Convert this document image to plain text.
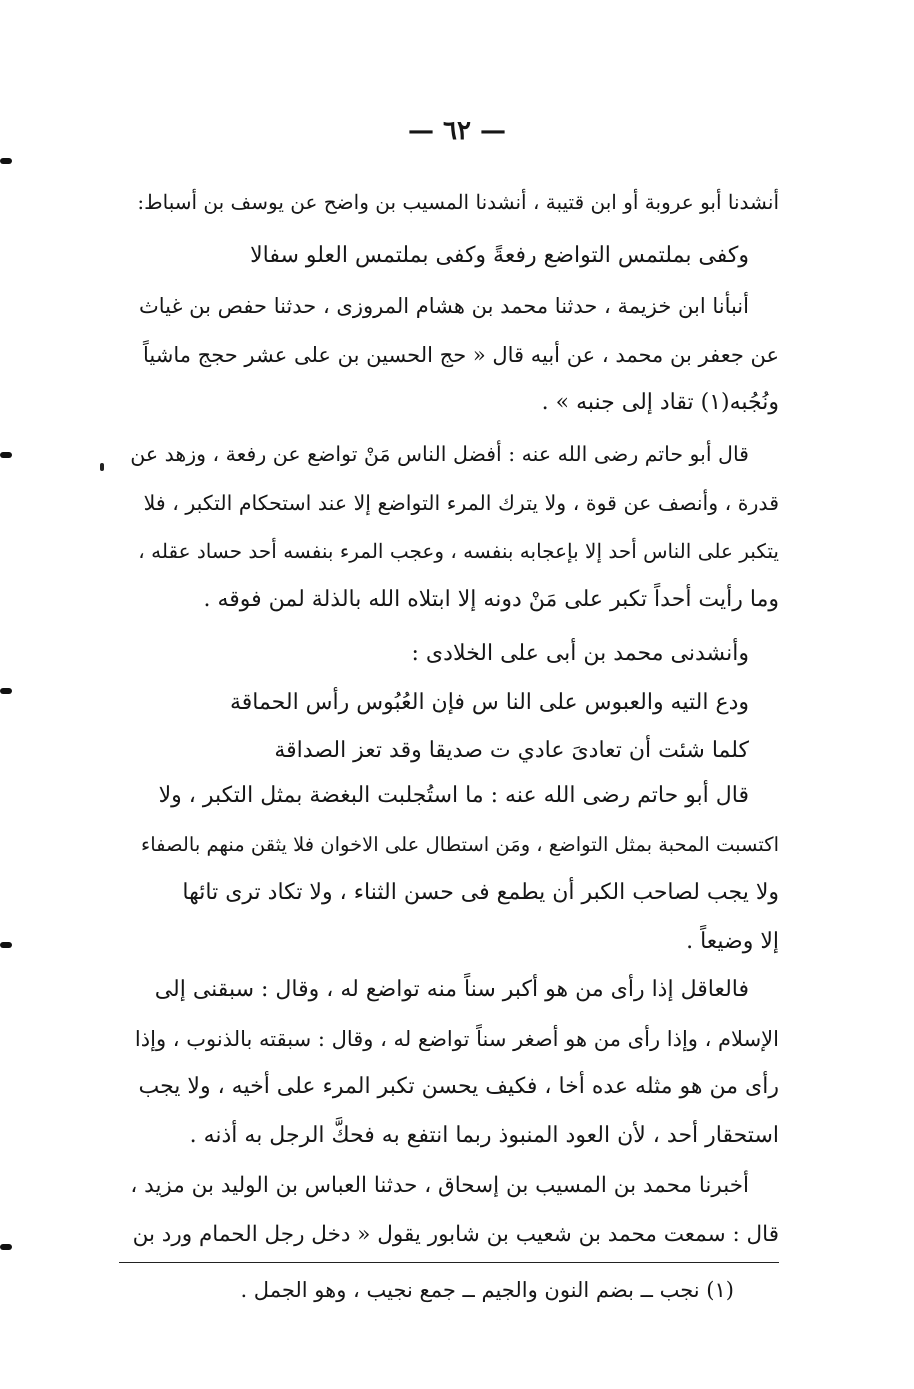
— ٦٢ —
أنشدنا أبو عروبة أو ابن قتيبة ، أنشدنا المسيب بن واضح عن يوسف بن أسباط:
وكفى بملتمس التواضع رفعةً وكفى بملتمس العلو سفالا
أنبأنا ابن خزيمة ، حدثنا محمد بن هشام المروزى ، حدثنا حفص بن غياث
عن جعفر بن محمد ، عن أبيه قال « حج الحسين بن على عشر حجج ماشياً
ونُجُبه(١) تقاد إلى جنبه » .
قال أبو حاتم رضى الله عنه : أفضل الناس مَنْ تواضع عن رفعة ، وزهد عن
قدرة ، وأنصف عن قوة ، ولا يترك المرء التواضع إلا عند استحكام التكبر ، فلا
يتكبر على الناس أحد إلا بإعجابه بنفسه ، وعجب المرء بنفسه أحد حساد عقله ،
وما رأيت أحداً تكبر على مَنْ دونه إلا ابتلاه الله بالذلة لمن فوقه .
وأنشدنى محمد بن أبى على الخلادى :
ودع التيه والعبوس على النا س فإن العُبُوس رأس الحماقة
كلما شئت أن تعادىَ عادي ت صديقا وقد تعز الصداقة
قال أبو حاتم رضى الله عنه : ما استُجلبت البغضة بمثل التكبر ، ولا
اكتسبت المحبة بمثل التواضع ، ومَن استطال على الاخوان فلا يثقن منهم بالصفاء
ولا يجب لصاحب الكبر أن يطمع فى حسن الثناء ، ولا تكاد ترى تائها
إلا وضيعاً .
فالعاقل إذا رأى من هو أكبر سناً منه تواضع له ، وقال : سبقنى إلى
الإسلام ، وإذا رأى من هو أصغر سناً تواضع له ، وقال : سبقته بالذنوب ، وإذا
رأى من هو مثله عده أخا ، فكيف يحسن تكبر المرء على أخيه ، ولا يجب
استحقار أحد ، لأن العود المنبوذ ربما انتفع به فحكَّ الرجل به أذنه .
أخبرنا محمد بن المسيب بن إسحاق ، حدثنا العباس بن الوليد بن مزيد ،
قال : سمعت محمد بن شعيب بن شابور يقول « دخل رجل الحمام ورد بن
(١) نجب ــ بضم النون والجيم ــ جمع نجيب ، وهو الجمل .
